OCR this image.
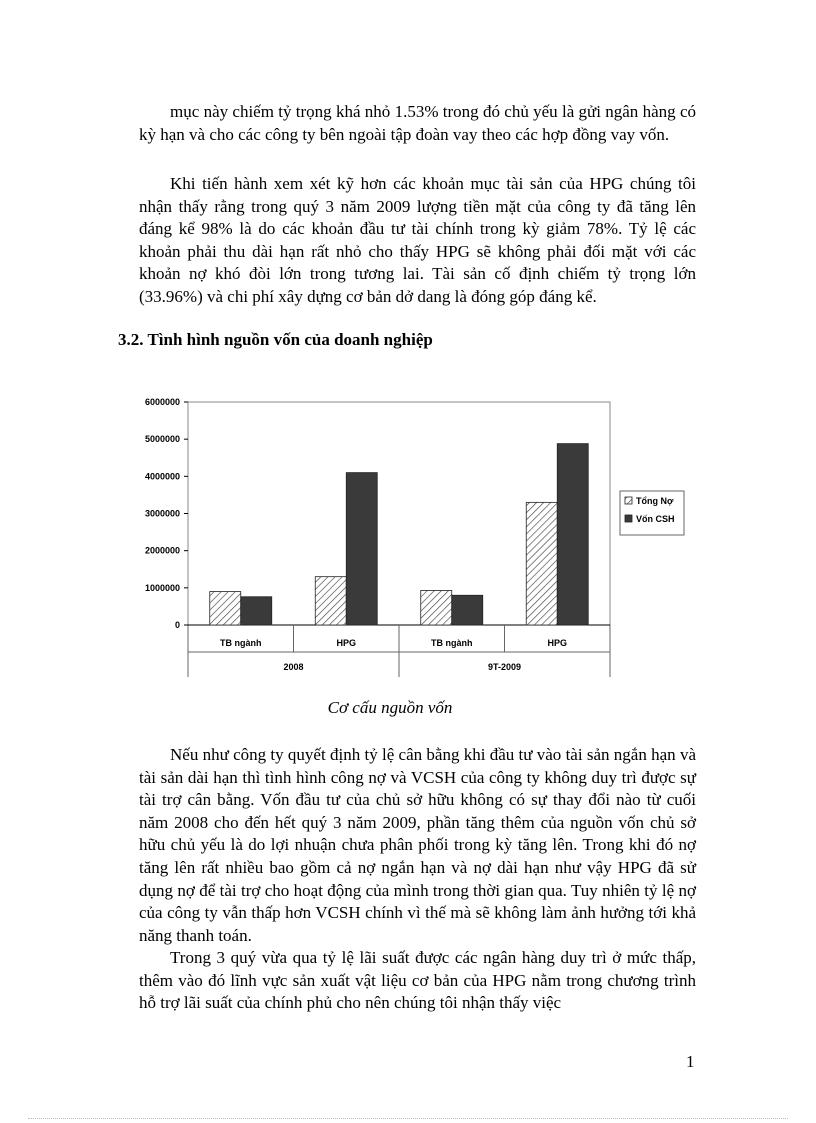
mục này chiếm tỷ trọng khá nhỏ 1.53% trong đó chủ yếu là gửi ngân hàng có kỳ hạn và cho các công ty bên ngoài tập đoàn vay theo các hợp đồng vay vốn.

Khi tiến hành xem xét kỹ hơn các khoản mục tài sản của HPG chúng tôi nhận thấy rằng trong quý 3 năm 2009 lượng tiền mặt của công ty đã tăng lên đáng kể 98% là do các khoản đầu tư tài chính trong kỳ giảm 78%. Tỷ lệ các khoản phải thu dài hạn rất nhỏ cho thấy HPG sẽ không phải đối mặt với các khoản nợ khó đòi lớn trong tương lai. Tài sản cố định chiếm tỷ trọng lớn (33.96%) và chi phí xây dựng cơ bản dở dang là đóng góp đáng kể.

3.2. Tình hình nguồn vốn của doanh nghiệp
0
1000000
2000000
3000000
4000000
5000000
6000000
TB ngành	HPG	TB ngành	HPG
2008	9T-2009
Tổng Nợ
Vốn CSH
Cơ cấu nguồn vốn

Nếu như công ty quyết định tỷ lệ cân bằng khi đầu tư vào tài sản ngắn hạn và tài sản dài hạn thì tình hình công nợ và VCSH của công ty không duy trì được sự tài trợ cân bằng. Vốn đầu tư của chủ sở hữu không có sự thay đổi nào từ cuối năm 2008 cho đến hết quý 3 năm 2009, phần tăng thêm của nguồn vốn chủ sở hữu chủ yếu là do lợi nhuận chưa phân phối trong kỳ tăng lên. Trong khi đó nợ tăng lên rất nhiều bao gồm cả nợ ngắn hạn và nợ dài hạn như vậy HPG đã sử dụng nợ để tài trợ cho hoạt động của mình trong thời gian qua. Tuy nhiên tỷ lệ nợ của công ty vẫn thấp hơn VCSH chính vì thế mà sẽ không làm ảnh hưởng tới khả năng thanh toán.

Trong 3 quý vừa qua tỷ lệ lãi suất được các ngân hàng duy trì ở mức thấp, thêm vào đó lĩnh vực sản xuất vật liệu cơ bản của HPG nằm trong chương trình hỗ trợ lãi suất của chính phủ cho nên chúng tôi nhận thấy việc

1
